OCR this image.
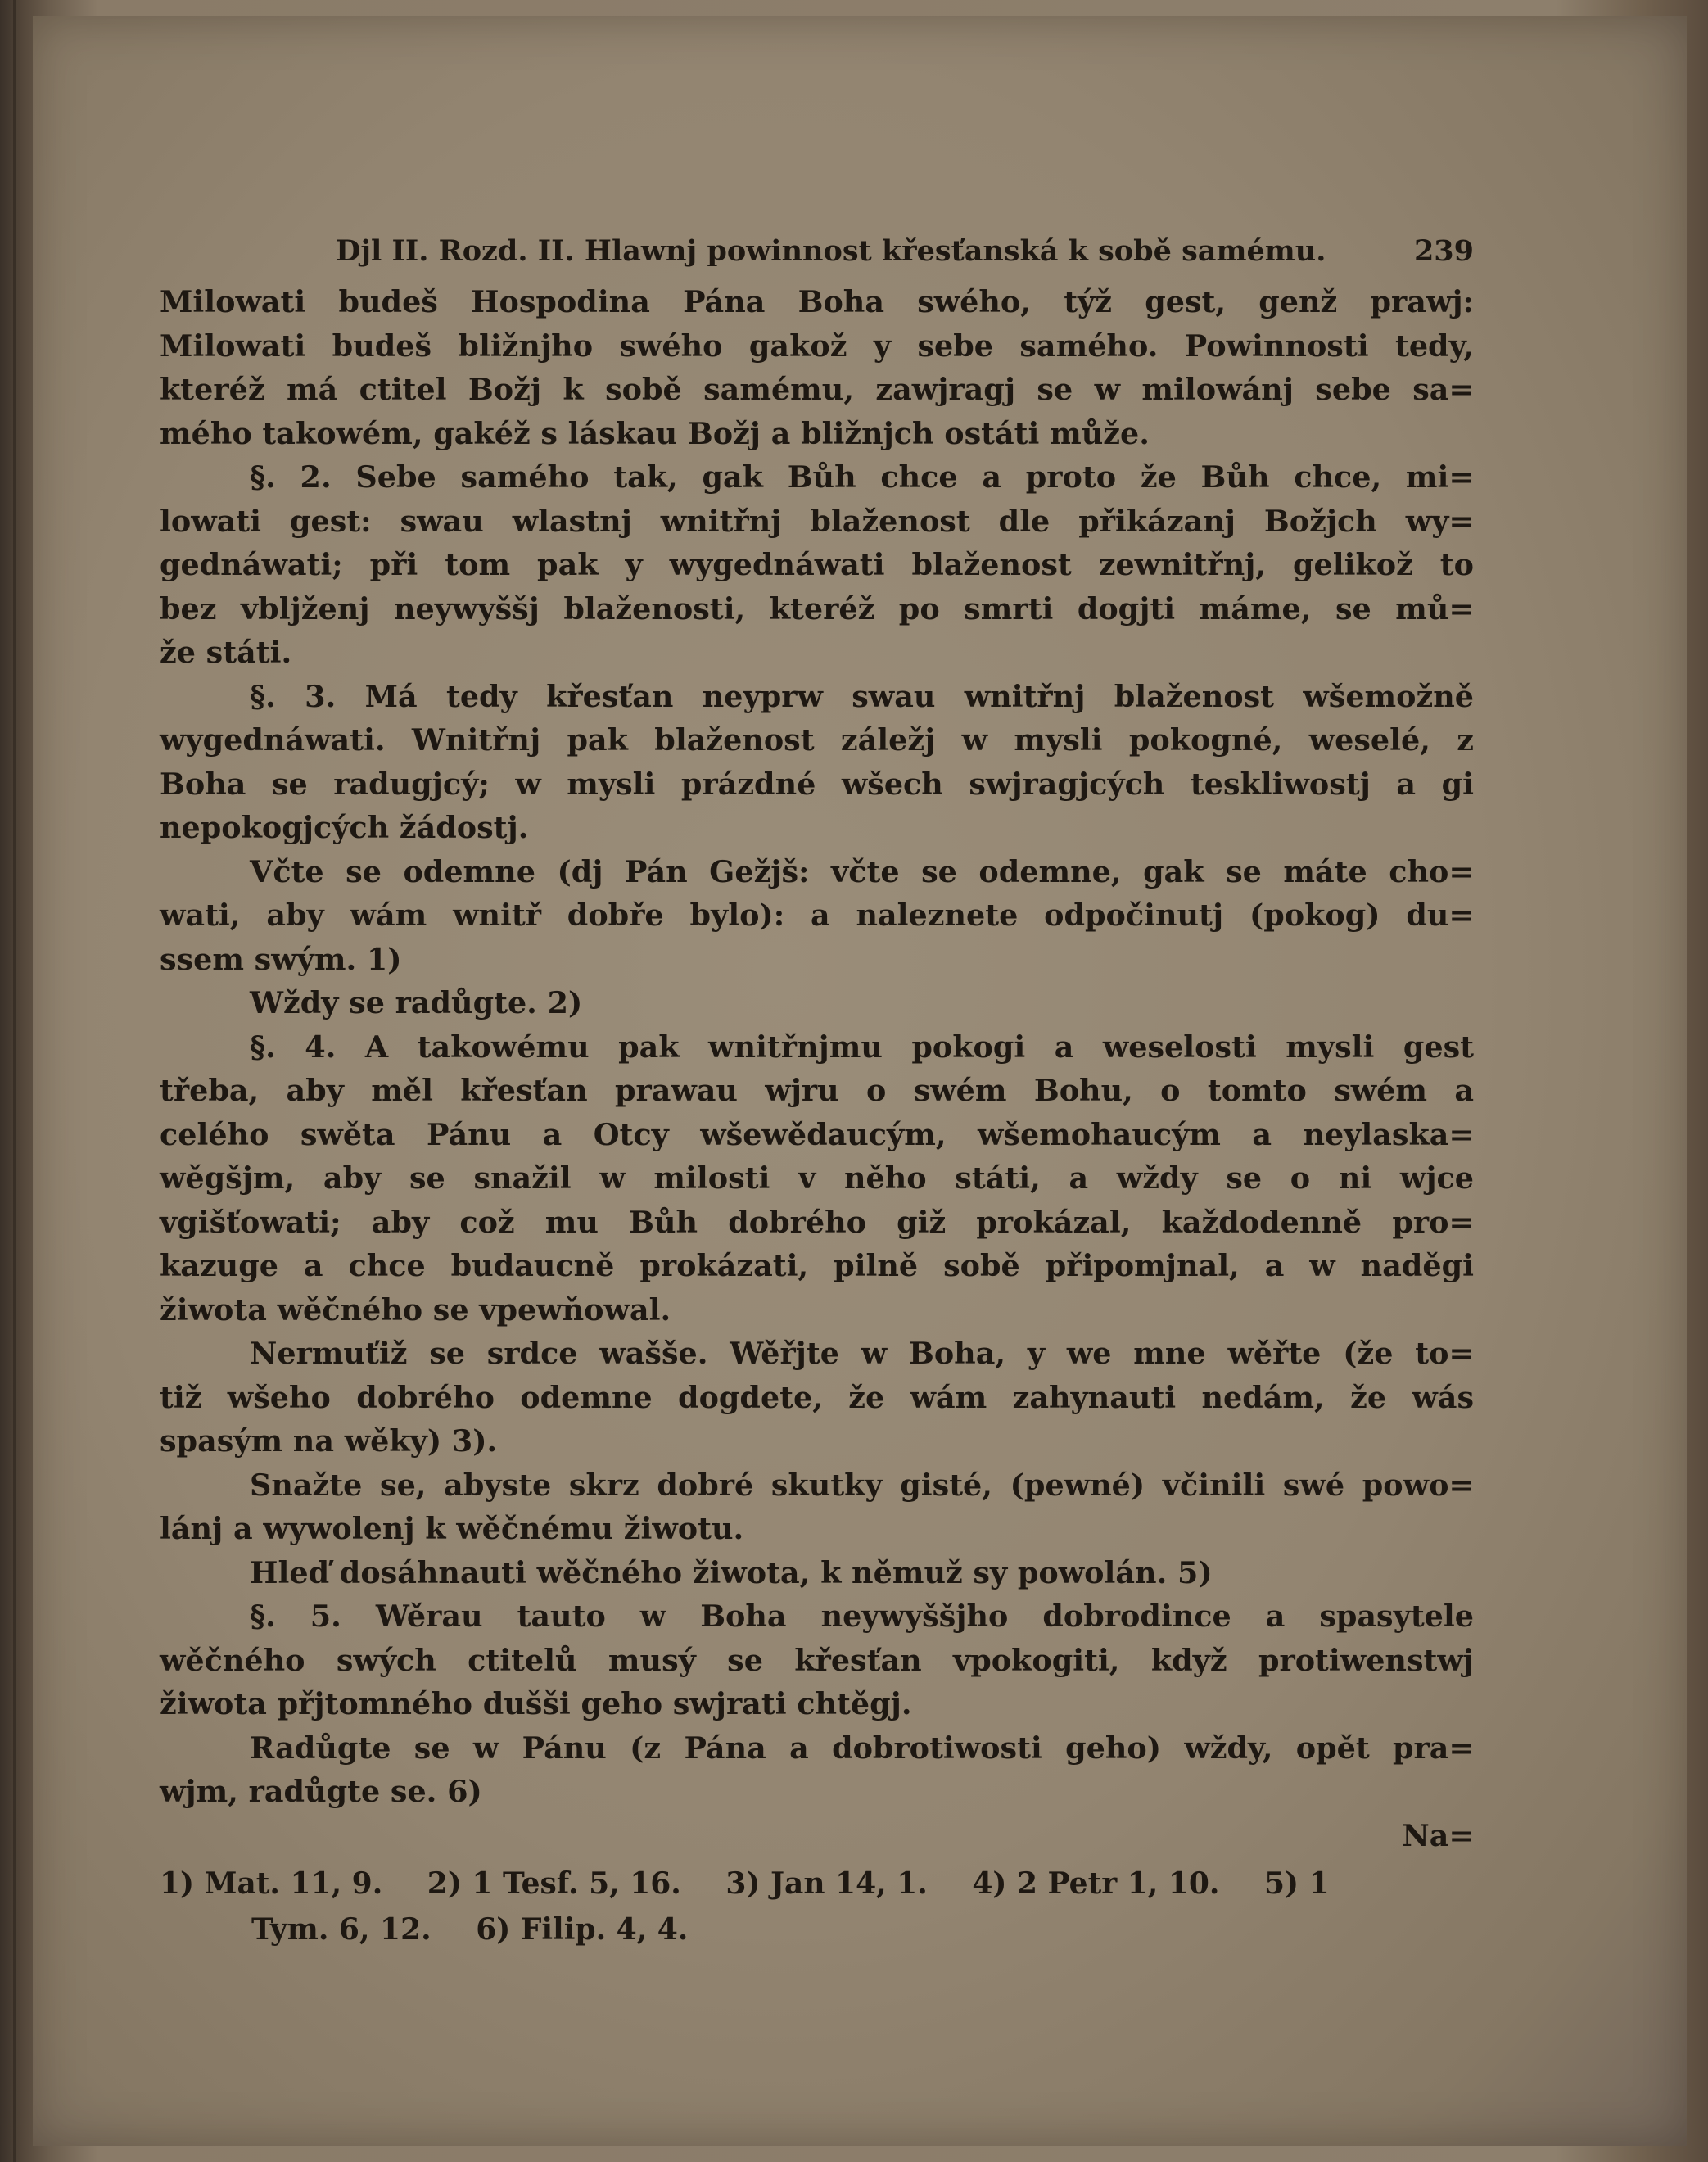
Djl II. Rozd. II. Hlawnj powinnost křesťanská k sobě samému.	239
Milowati budeš Hospodina Pána Boha swého, týž gest, genž prawj:
Milowati budeš bližnjho swého gakož y sebe samého. Powinnosti tedy,
kteréž má ctitel Božj k sobě samému, zawjragj se w milowánj sebe sa=
mého takowém, gakéž s láskau Božj a bližnjch ostáti může.
§. 2. Sebe samého tak, gak Bůh chce a proto že Bůh chce, mi=
lowati gest: swau wlastnj wnitřnj blaženost dle přikázanj Božjch wy=
gednáwati; při tom pak y wygednáwati blaženost zewnitřnj, gelikož to
bez vblјženj neywyššj blaženosti, kteréž po smrti dogjti máme, se mů=
že státi.
§. 3. Má tedy křesťan neyprw swau wnitřnj blaženost wšemožně
wygednáwati. Wnitřnj pak blaženost záležj w mysli pokogné, weselé, z
Boha se radugjcý; w mysli prázdné wšech swjragjcých teskliwostj a gi
nepokogjcých žádostj.
Včte se odemne (dj Pán Gežjš: včte se odemne, gak se máte cho=
wati, aby wám wnitř dobře bylo): a naleznete odpočinutj (pokog) du=
ssem swým. 1)
Wždy se radůgte. 2)
§. 4. A takowému pak wnitřnjmu pokogi a weselosti mysli gest
třeba, aby měl křesťan prawau wjru o swém Bohu, o tomto swém a
celého swěta Pánu a Otcy wšewědaucým, wšemohaucým a neylaska=
wěgšjm, aby se snažil w milosti v něho státi, a wždy se o ni wjce
vgišťowati; aby což mu Bůh dobrého giž prokázal, každodenně pro=
kazuge a chce budaucně prokázati, pilně sobě připomjnal, a w naděgi
žiwota wěčného se vpewňowal.
Nermuťiž se srdce wašše. Wěřjte w Boha, y we mne wěřte (že to=
tiž wšeho dobrého odemne dogdete, že wám zahynauti nedám, že wás
spasým na wěky) 3).
Snažte se, abyste skrz dobré skutky gisté, (pewné) včinili swé powo=
lánj a wywolenj k wěčnému žiwotu.
Hleď dosáhnauti wěčného žiwota, k němuž sy powolán. 5)
§. 5. Wěrau tauto w Boha neywyššjho dobrodince a spasytele
wěčného swých ctitelů musý se křesťan vpokogiti, když protiwenstwj
žiwota přjtomného dušši geho swjrati chtěgj.
Radůgte se w Pánu (z Pána a dobrotiwosti geho) wždy, opět pra=
wjm, radůgte se. 6)
Na=
1) Mat. 11, 9. 2) 1 Tesf. 5, 16. 3) Jan 14, 1. 4) 2 Petr 1, 10. 5) 1
Tym. 6, 12. 6) Filip. 4, 4.
